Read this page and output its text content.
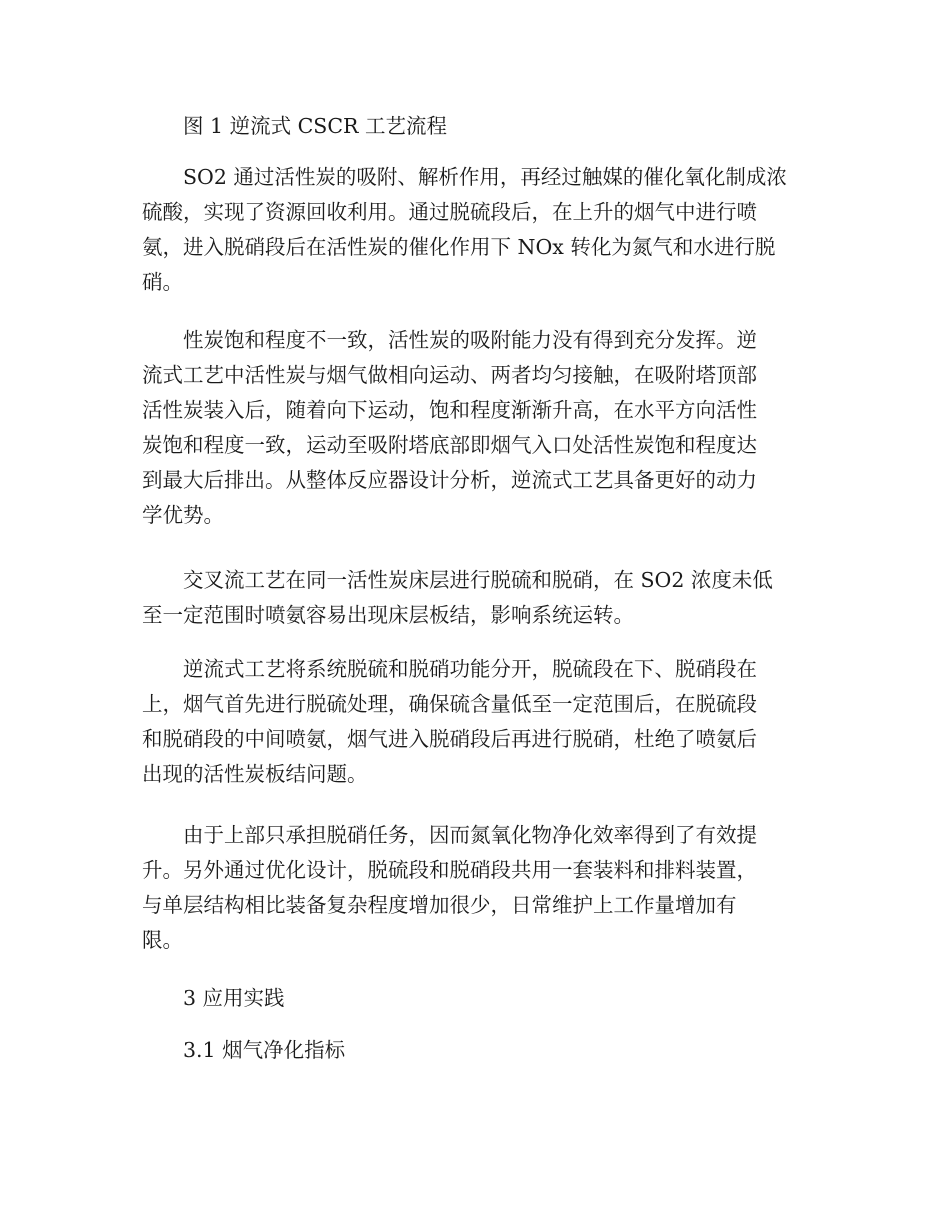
图 1 逆流式 CSCR 工艺流程

SO2 通过活性炭的吸附、解析作用，再经过触媒的催化氧化制成浓
硫酸，实现了资源回收利用。通过脱硫段后，在上升的烟气中进行喷
氨，进入脱硝段后在活性炭的催化作用下 NOx 转化为氮气和水进行脱
硝。

性炭饱和程度不一致，活性炭的吸附能力没有得到充分发挥。逆
流式工艺中活性炭与烟气做相向运动、两者均匀接触，在吸附塔顶部
活性炭装入后，随着向下运动，饱和程度渐渐升高，在水平方向活性
炭饱和程度一致，运动至吸附塔底部即烟气入口处活性炭饱和程度达
到最大后排出。从整体反应器设计分析，逆流式工艺具备更好的动力
学优势。

交叉流工艺在同一活性炭床层进行脱硫和脱硝，在 SO2 浓度未低
至一定范围时喷氨容易出现床层板结，影响系统运转。

逆流式工艺将系统脱硫和脱硝功能分开，脱硫段在下、脱硝段在
上，烟气首先进行脱硫处理，确保硫含量低至一定范围后，在脱硫段
和脱硝段的中间喷氨，烟气进入脱硝段后再进行脱硝，杜绝了喷氨后
出现的活性炭板结问题。

由于上部只承担脱硝任务，因而氮氧化物净化效率得到了有效提
升。另外通过优化设计，脱硫段和脱硝段共用一套装料和排料装置，
与单层结构相比装备复杂程度增加很少，日常维护上工作量增加有
限。

3 应用实践

3.1 烟气净化指标
